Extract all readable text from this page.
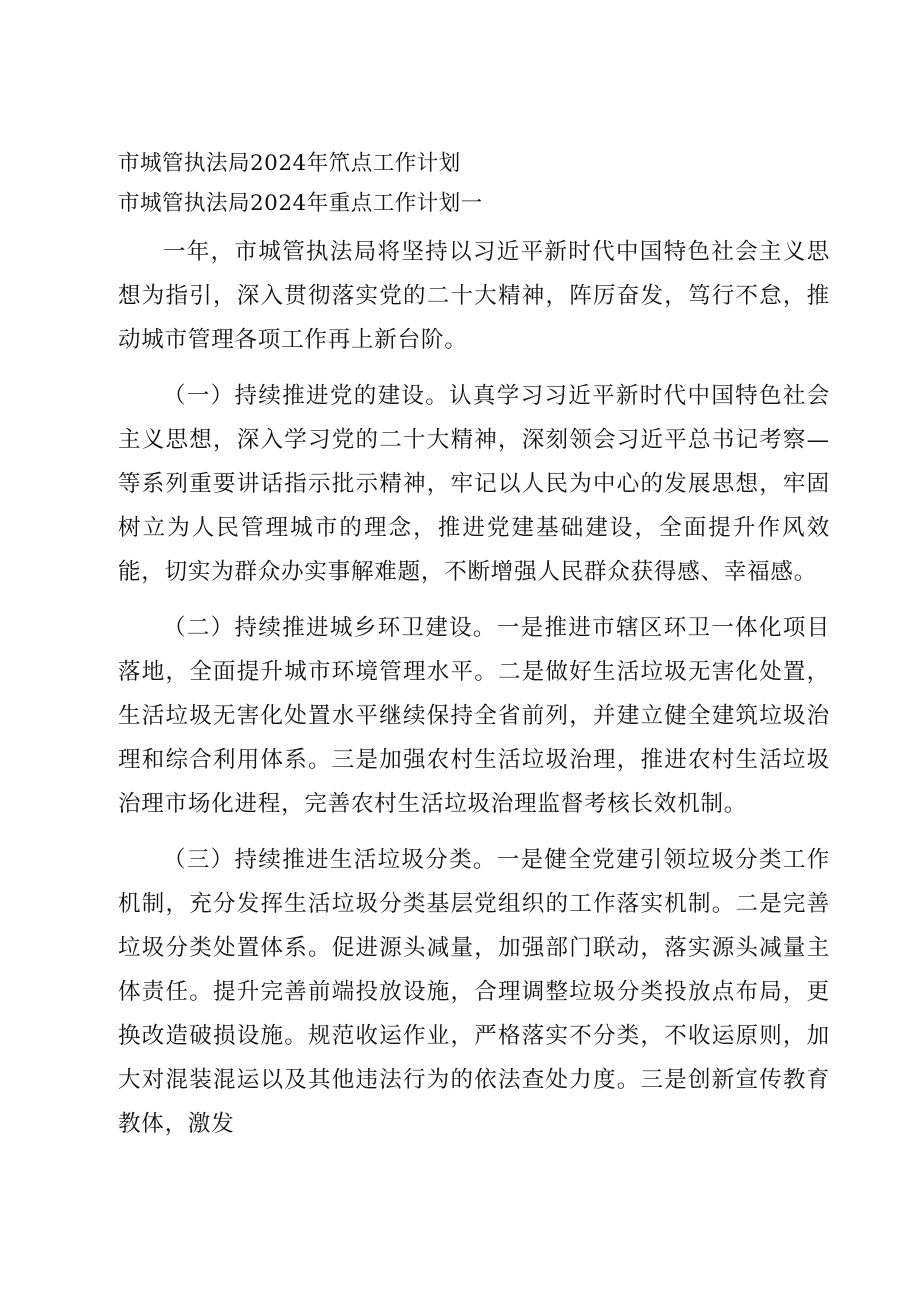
市城管执法局2024年笊点工作计划

市城管执法局2024年重点工作计划一

一年，市城管执法局将坚持以习近平新时代中国特色社会主义思想为指引，深入贯彻落实党的二十大精神，阵厉奋发，笃行不怠，推动城市管理各项工作再上新台阶。

（一）持续推进党的建设。认真学习习近平新时代中国特色社会主义思想，深入学习党的二十大精神，深刻领会习近平总书记考察—等系列重要讲话指示批示精神，牢记以人民为中心的发展思想，牢固树立为人民管理城市的理念，推进党建基础建设，全面提升作风效能，切实为群众办实事解难题，不断增强人民群众获得感、幸福感。

（二）持续推进城乡环卫建设。一是推进市辖区环卫一体化项目落地，全面提升城市环境管理水平。二是做好生活垃圾无害化处置，生活垃圾无害化处置水平继续保持全省前列，并建立健全建筑垃圾治理和综合利用体系。三是加强农村生活垃圾治理，推进农村生活垃圾治理市场化进程，完善农村生活垃圾治理监督考核长效机制。

（三）持续推进生活垃圾分类。一是健全党建引领垃圾分类工作机制，充分发挥生活垃圾分类基层党组织的工作落实机制。二是完善垃圾分类处置体系。促进源头减量，加强部门联动，落实源头减量主体责任。提升完善前端投放设施，合理调整垃圾分类投放点布局，更换改造破损设施。规范收运作业，严格落实不分类，不收运原则，加大对混装混运以及其他违法行为的依法查处力度。三是创新宣传教育教体，激发
